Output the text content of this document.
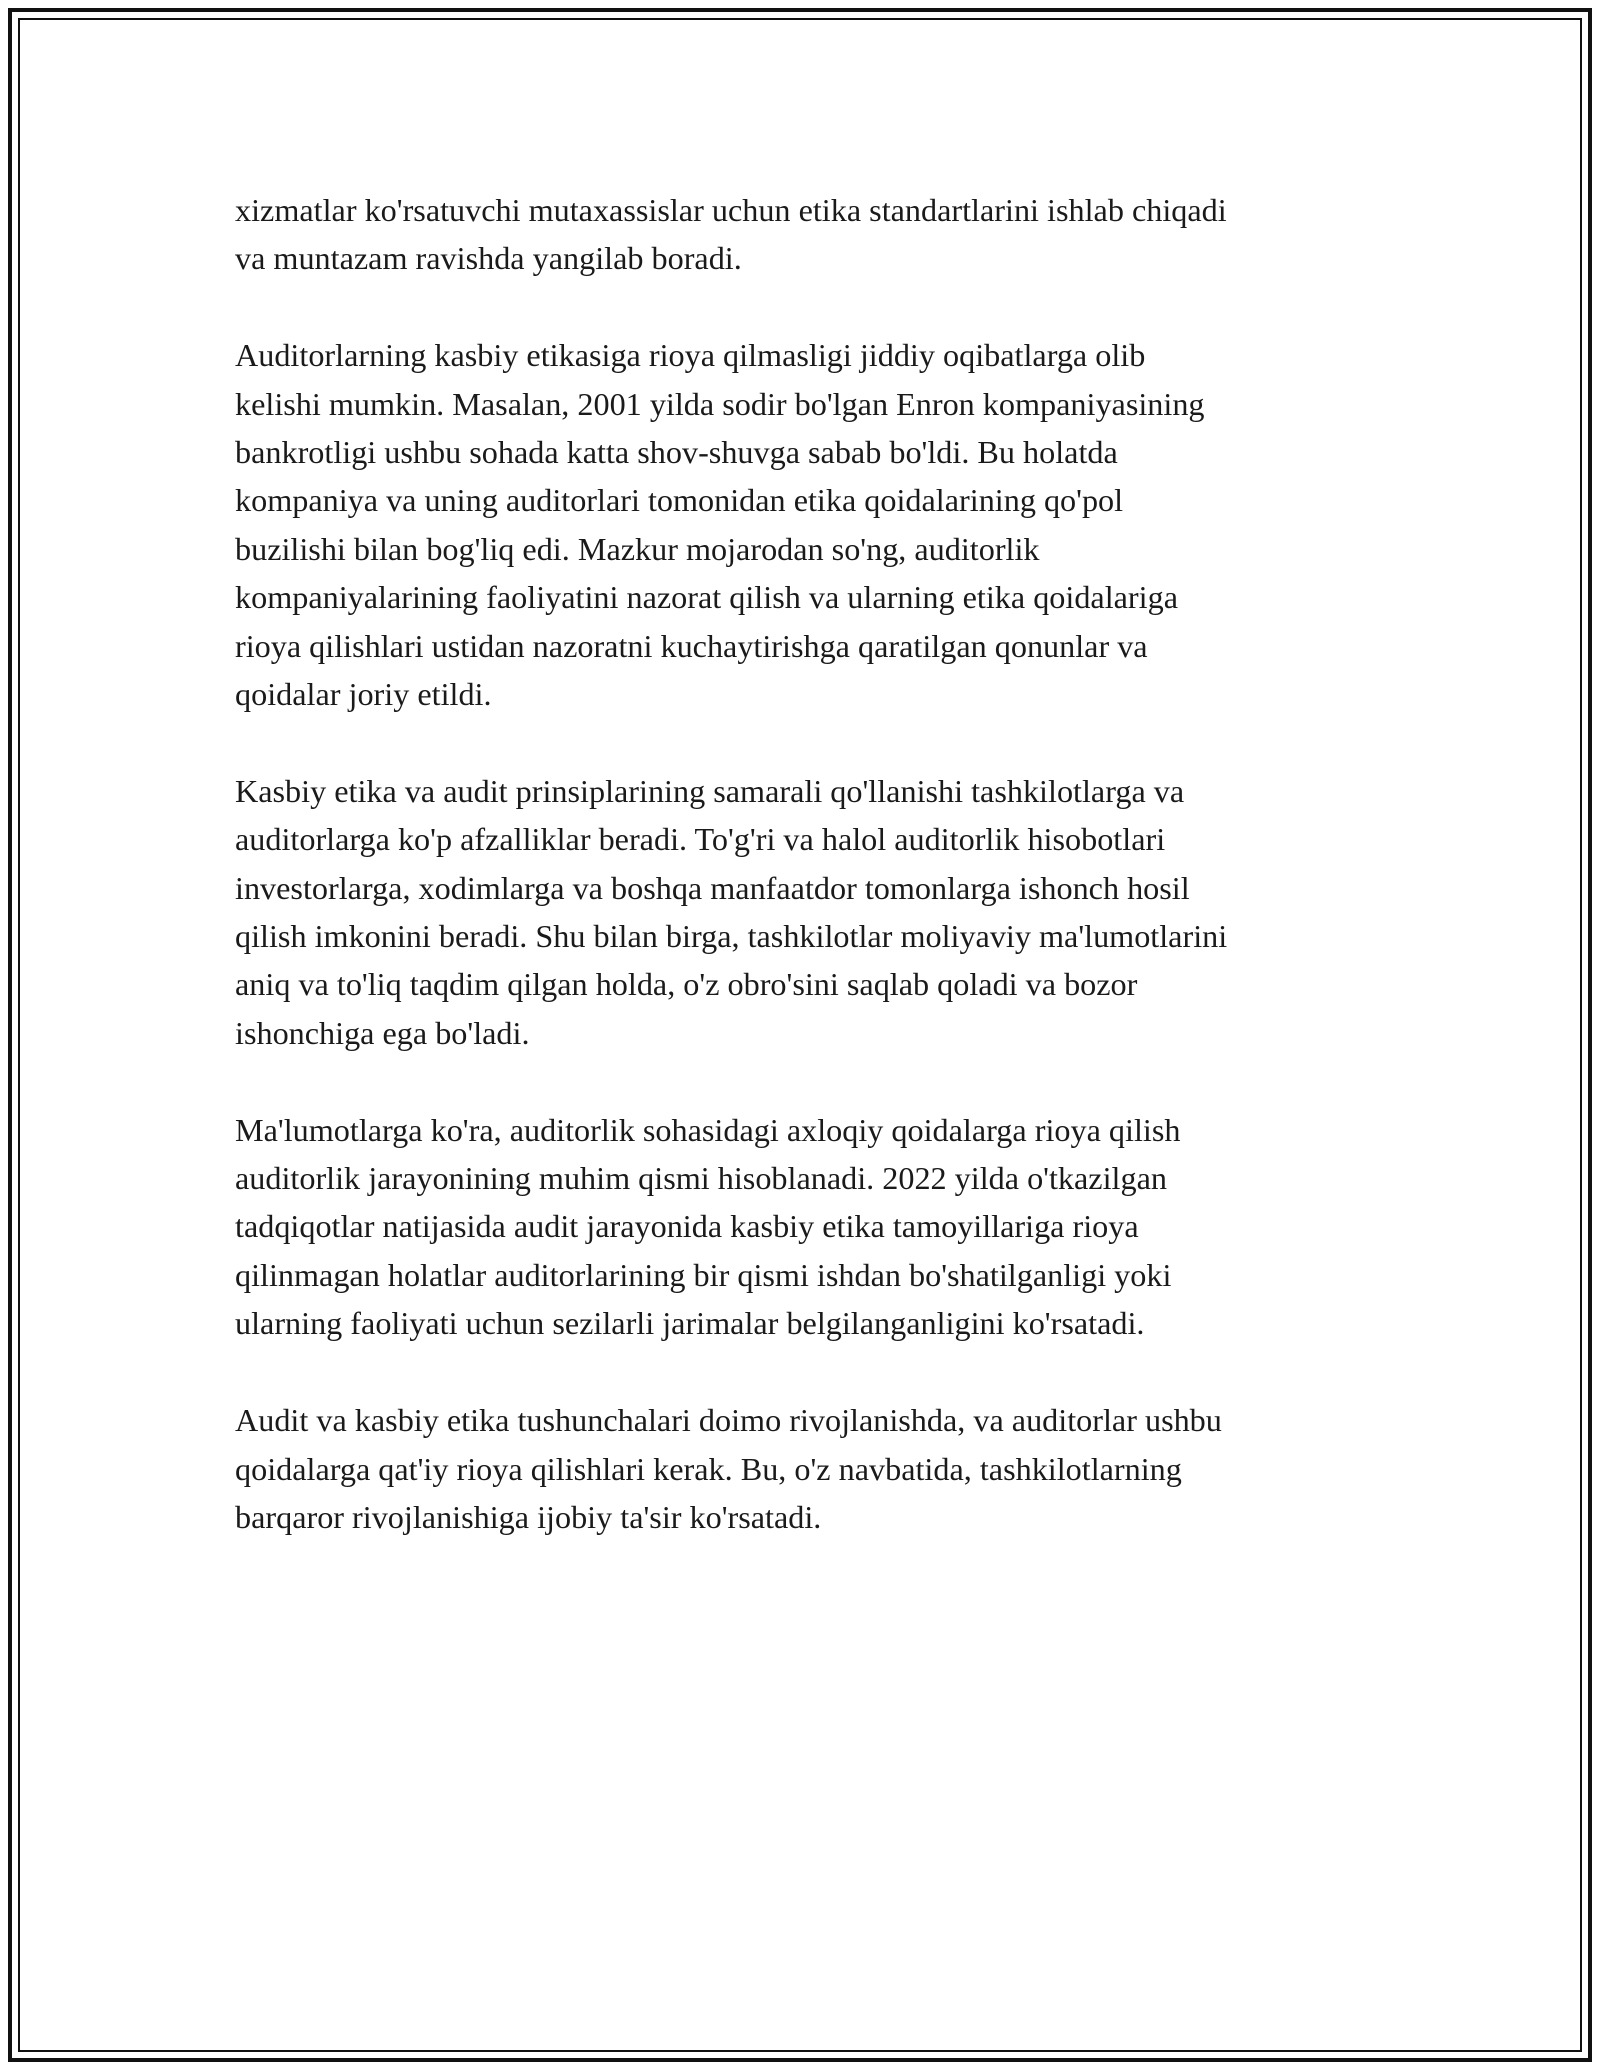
xizmatlar ko'rsatuvchi mutaxassislar uchun etika standartlarini ishlab chiqadi
va muntazam ravishda yangilab boradi.

Auditorlarning kasbiy etikasiga rioya qilmasligi jiddiy oqibatlarga olib
kelishi mumkin. Masalan, 2001 yilda sodir bo'lgan Enron kompaniyasining
bankrotligi ushbu sohada katta shov-shuvga sabab bo'ldi. Bu holatda
kompaniya va uning auditorlari tomonidan etika qoidalarining qo'pol
buzilishi bilan bog'liq edi. Mazkur mojarodan so'ng, auditorlik
kompaniyalarining faoliyatini nazorat qilish va ularning etika qoidalariga
rioya qilishlari ustidan nazoratni kuchaytirishga qaratilgan qonunlar va
qoidalar joriy etildi.

Kasbiy etika va audit prinsiplarining samarali qo'llanishi tashkilotlarga va
auditorlarga ko'p afzalliklar beradi. To'g'ri va halol auditorlik hisobotlari
investorlarga, xodimlarga va boshqa manfaatdor tomonlarga ishonch hosil
qilish imkonini beradi. Shu bilan birga, tashkilotlar moliyaviy ma'lumotlarini
aniq va to'liq taqdim qilgan holda, o'z obro'sini saqlab qoladi va bozor
ishonchiga ega bo'ladi.

Ma'lumotlarga ko'ra, auditorlik sohasidagi axloqiy qoidalarga rioya qilish
auditorlik jarayonining muhim qismi hisoblanadi. 2022 yilda o'tkazilgan
tadqiqotlar natijasida audit jarayonida kasbiy etika tamoyillariga rioya
qilinmagan holatlar auditorlarining bir qismi ishdan bo'shatilganligi yoki
ularning faoliyati uchun sezilarli jarimalar belgilanganligini ko'rsatadi.

Audit va kasbiy etika tushunchalari doimo rivojlanishda, va auditorlar ushbu
qoidalarga qat'iy rioya qilishlari kerak. Bu, o'z navbatida, tashkilotlarning
barqaror rivojlanishiga ijobiy ta'sir ko'rsatadi.
